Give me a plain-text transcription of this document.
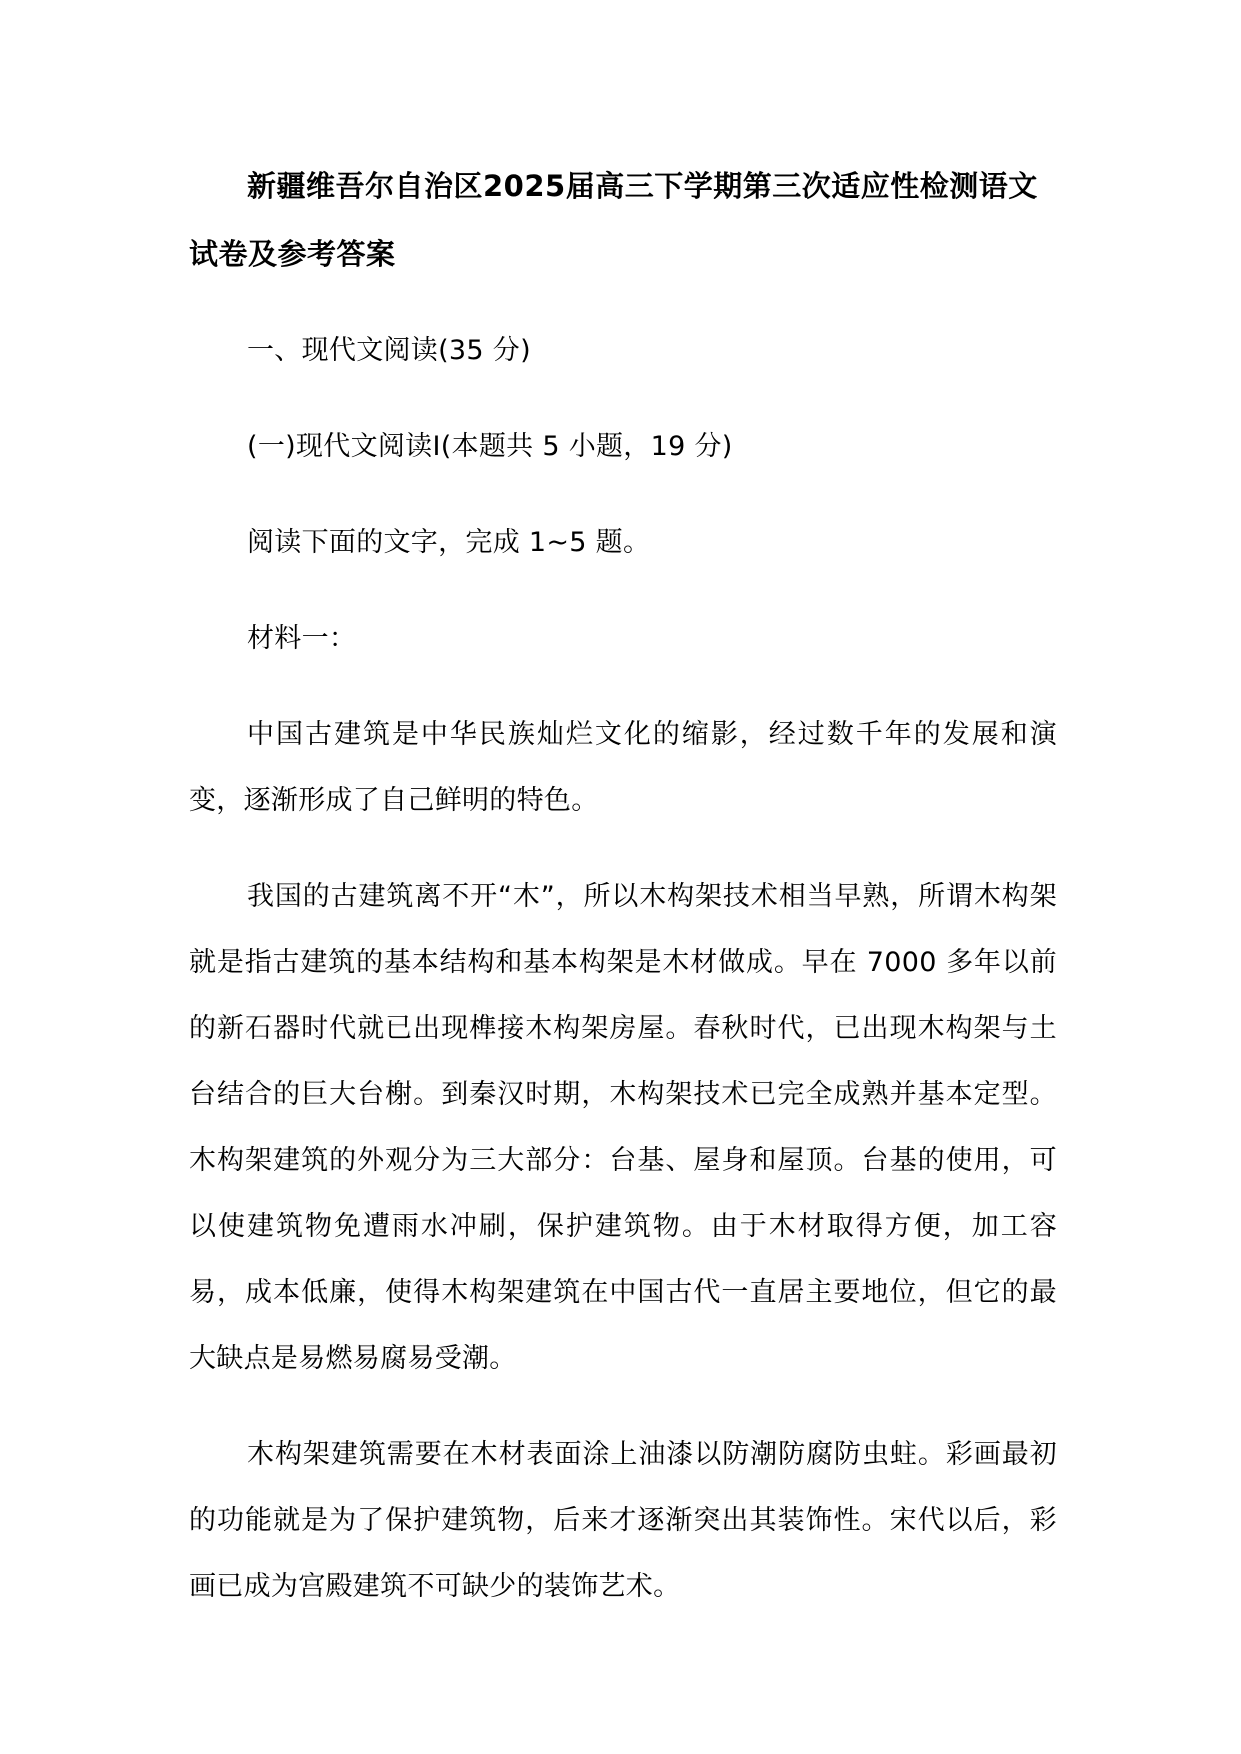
新疆维吾尔自治区2025届高三下学期第三次适应性检测语文试卷及参考答案

一、现代文阅读(35 分)

(一)现代文阅读Ⅰ(本题共 5 小题，19 分)

阅读下面的文字，完成 1~5 题。

材料一：

中国古建筑是中华民族灿烂文化的缩影，经过数千年的发展和演变，逐渐形成了自己鲜明的特色。

我国的古建筑离不开“木”，所以木构架技术相当早熟，所谓木构架就是指古建筑的基本结构和基本构架是木材做成。早在 7000 多年以前的新石器时代就已出现榫接木构架房屋。春秋时代，已出现木构架与土台结合的巨大台榭。到秦汉时期，木构架技术已完全成熟并基本定型。木构架建筑的外观分为三大部分：台基、屋身和屋顶。台基的使用，可以使建筑物免遭雨水冲刷，保护建筑物。由于木材取得方便，加工容易，成本低廉，使得木构架建筑在中国古代一直居主要地位，但它的最大缺点是易燃易腐易受潮。

木构架建筑需要在木材表面涂上油漆以防潮防腐防虫蛀。彩画最初的功能就是为了保护建筑物，后来才逐渐突出其装饰性。宋代以后，彩画已成为宫殿建筑不可缺少的装饰艺术。
